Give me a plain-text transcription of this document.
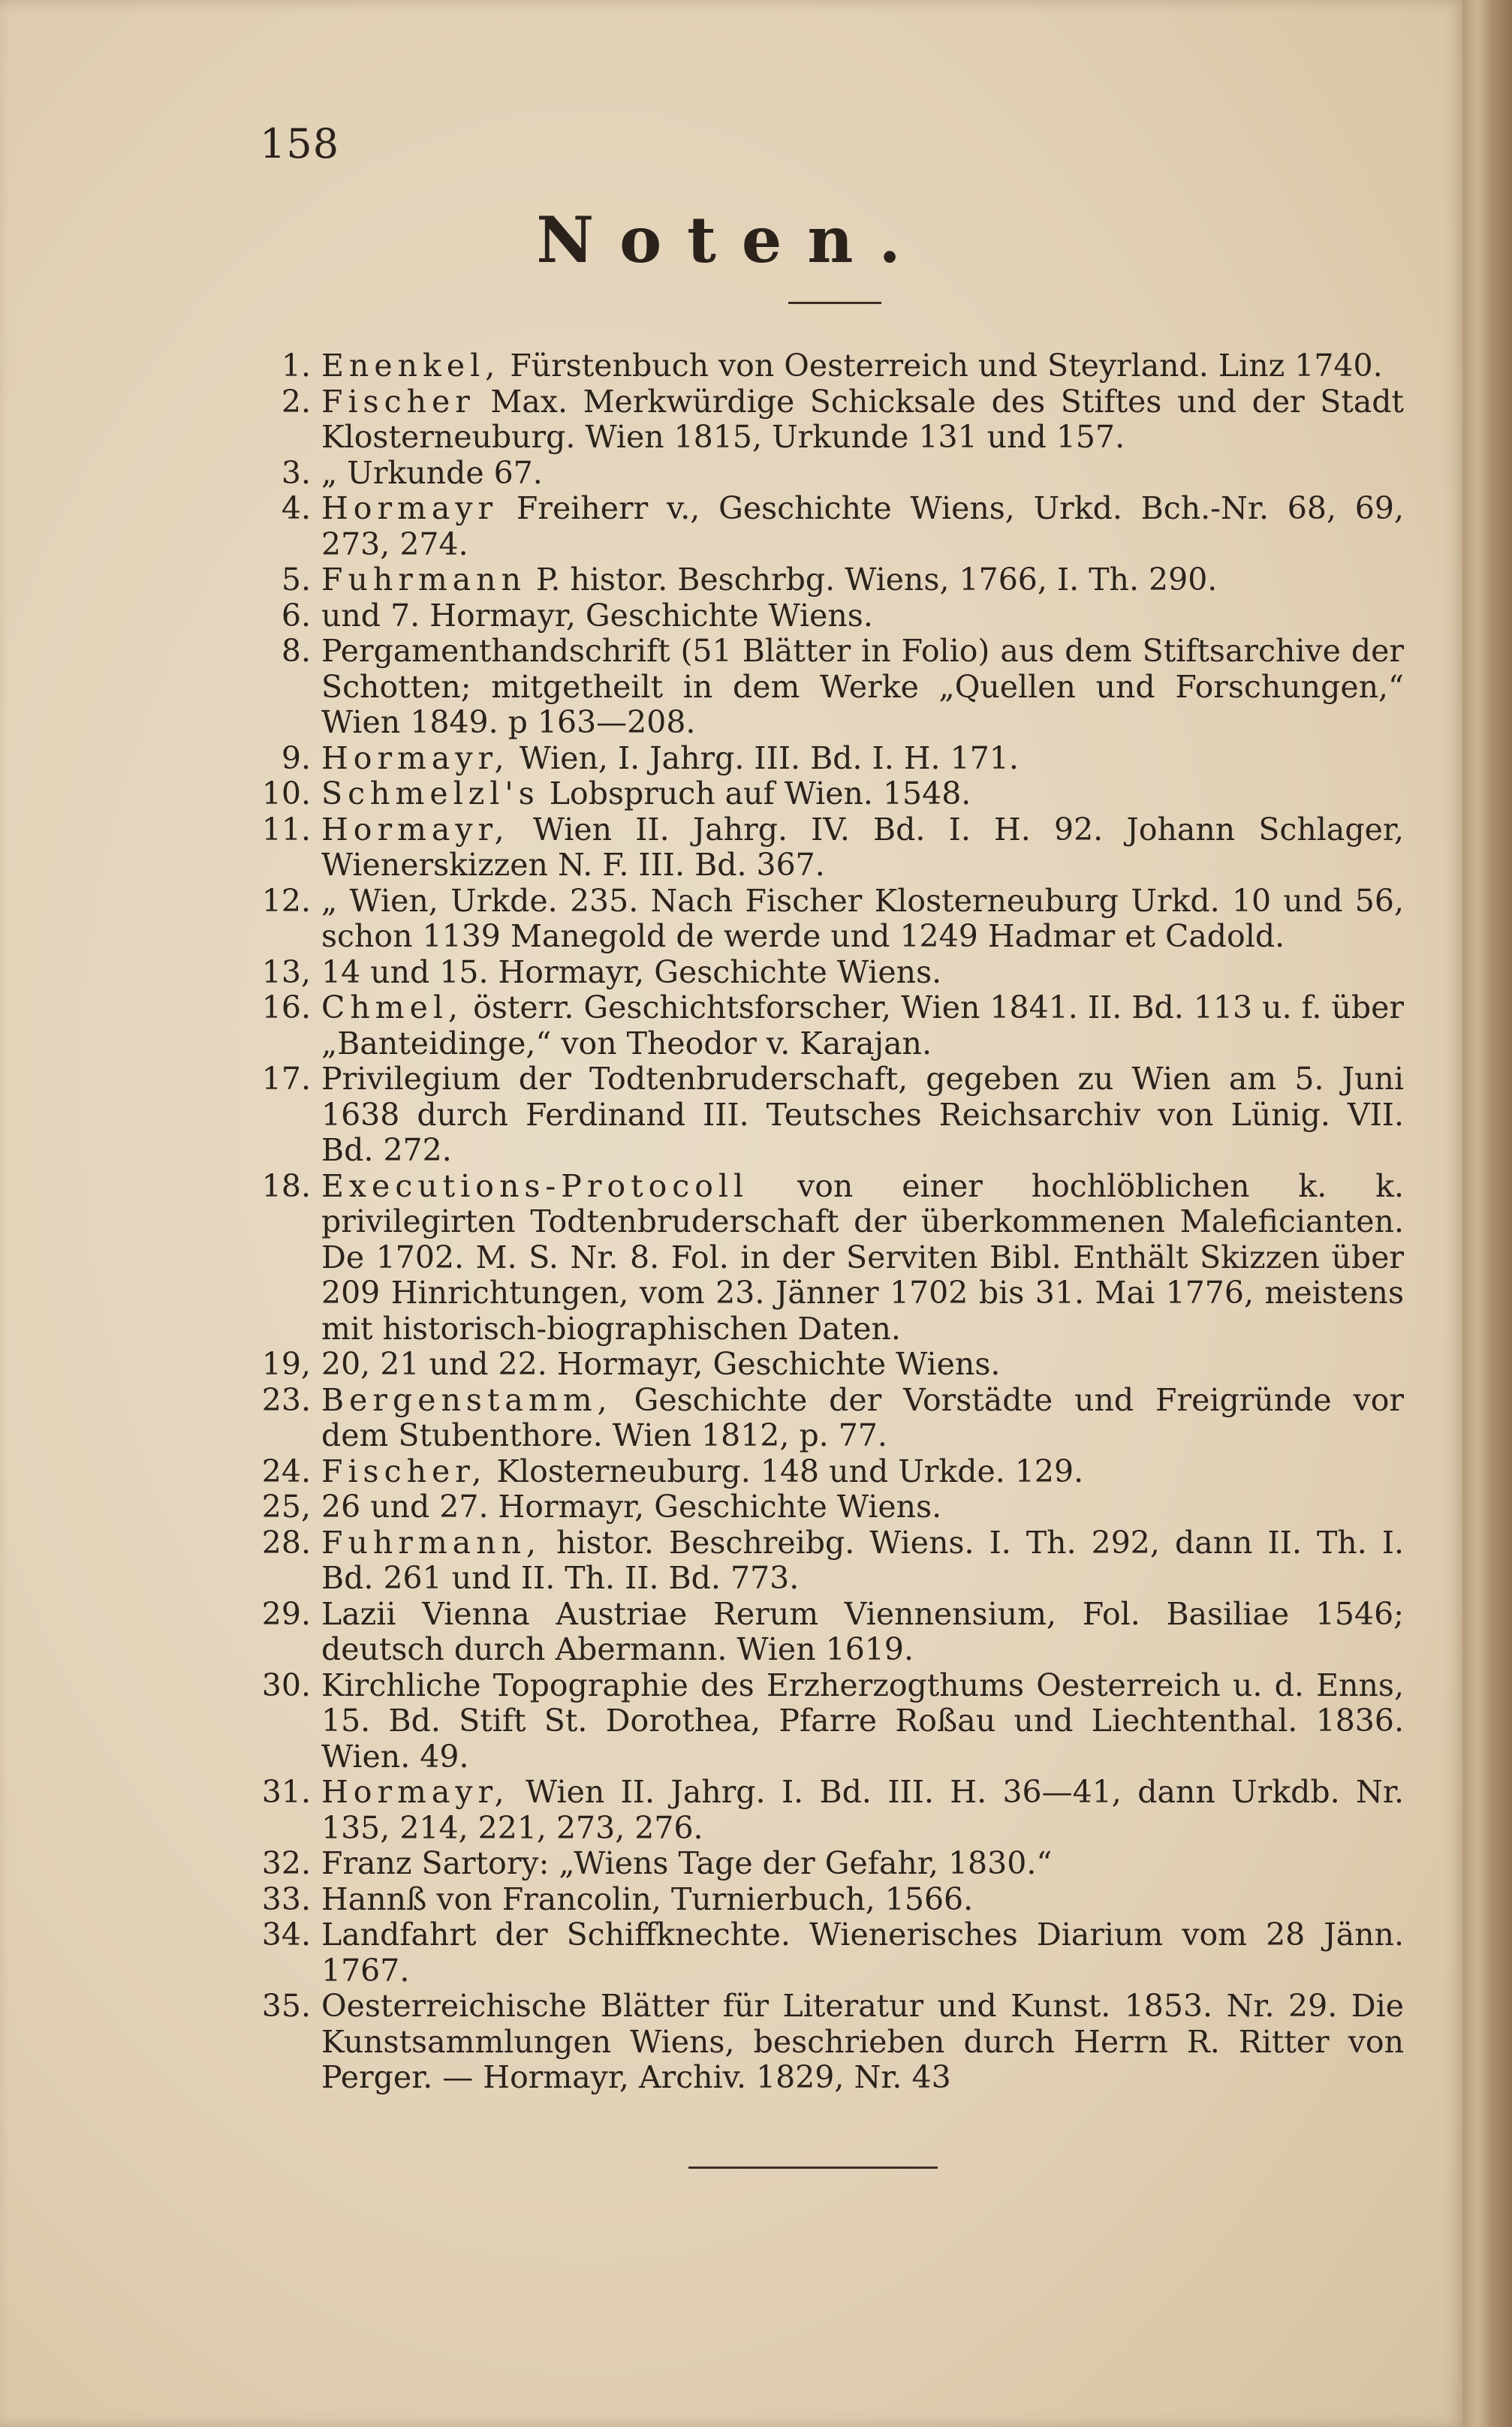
158
Noten.
1. Enenkel, Fürstenbuch von Oesterreich und Steyrland. Linz 1740.
2. Fischer Max. Merkwürdige Schicksale des Stiftes und der Stadt Klosterneuburg. Wien 1815, Urkunde 131 und 157.
3. „ Urkunde 67.
4. Hormayr Freiherr v., Geschichte Wiens, Urkd. Bch.-Nr. 68, 69, 273, 274.
5. Fuhrmann P. histor. Beschrbg. Wiens, 1766, I. Th. 290.
6. und 7. Hormayr, Geschichte Wiens.
8. Pergamenthandschrift (51 Blätter in Folio) aus dem Stiftsarchive der Schotten; mitgetheilt in dem Werke „Quellen und Forschungen,“ Wien 1849. p 163—208.
9. Hormayr, Wien, I. Jahrg. III. Bd. I. H. 171.
10. Schmelzl's Lobspruch auf Wien. 1548.
11. Hormayr, Wien II. Jahrg. IV. Bd. I. H. 92. Johann Schlager, Wienerskizzen N. F. III. Bd. 367.
12. „ Wien, Urkde. 235. Nach Fischer Klosterneuburg Urkd. 10 und 56, schon 1139 Manegold de werde und 1249 Hadmar et Cadold.
13, 14 und 15. Hormayr, Geschichte Wiens.
16. Chmel, österr. Geschichtsforscher, Wien 1841. II. Bd. 113 u. f. über „Banteidinge,“ von Theodor v. Karajan.
17. Privilegium der Todtenbruderschaft, gegeben zu Wien am 5. Juni 1638 durch Ferdinand III. Teutsches Reichsarchiv von Lünig. VII. Bd. 272.
18. Executions-Protocoll von einer hochlöblichen k. k. privilegirten Todtenbruderschaft der überkommenen Maleficianten. De 1702. M. S. Nr. 8. Fol. in der Serviten Bibl. Enthält Skizzen über 209 Hinrichtungen, vom 23. Jänner 1702 bis 31. Mai 1776, meistens mit historisch-biographischen Daten.
19, 20, 21 und 22. Hormayr, Geschichte Wiens.
23. Bergenstamm, Geschichte der Vorstädte und Freigründe vor dem Stubenthore. Wien 1812, p. 77.
24. Fischer, Klosterneuburg. 148 und Urkde. 129.
25, 26 und 27. Hormayr, Geschichte Wiens.
28. Fuhrmann, histor. Beschreibg. Wiens. I. Th. 292, dann II. Th. I. Bd. 261 und II. Th. II. Bd. 773.
29. Lazii Vienna Austriae Rerum Viennensium, Fol. Basiliae 1546; deutsch durch Abermann. Wien 1619.
30. Kirchliche Topographie des Erzherzogthums Oesterreich u. d. Enns, 15. Bd. Stift St. Dorothea, Pfarre Roßau und Liechtenthal. 1836. Wien. 49.
31. Hormayr, Wien II. Jahrg. I. Bd. III. H. 36—41, dann Urkdb. Nr. 135, 214, 221, 273, 276.
32. Franz Sartory: „Wiens Tage der Gefahr, 1830.“
33. Hannß von Francolin, Turnierbuch, 1566.
34. Landfahrt der Schiffknechte. Wienerisches Diarium vom 28 Jänn. 1767.
35. Oesterreichische Blätter für Literatur und Kunst. 1853. Nr. 29. Die Kunstsammlungen Wiens, beschrieben durch Herrn R. Ritter von Perger. — Hormayr, Archiv. 1829, Nr. 43
